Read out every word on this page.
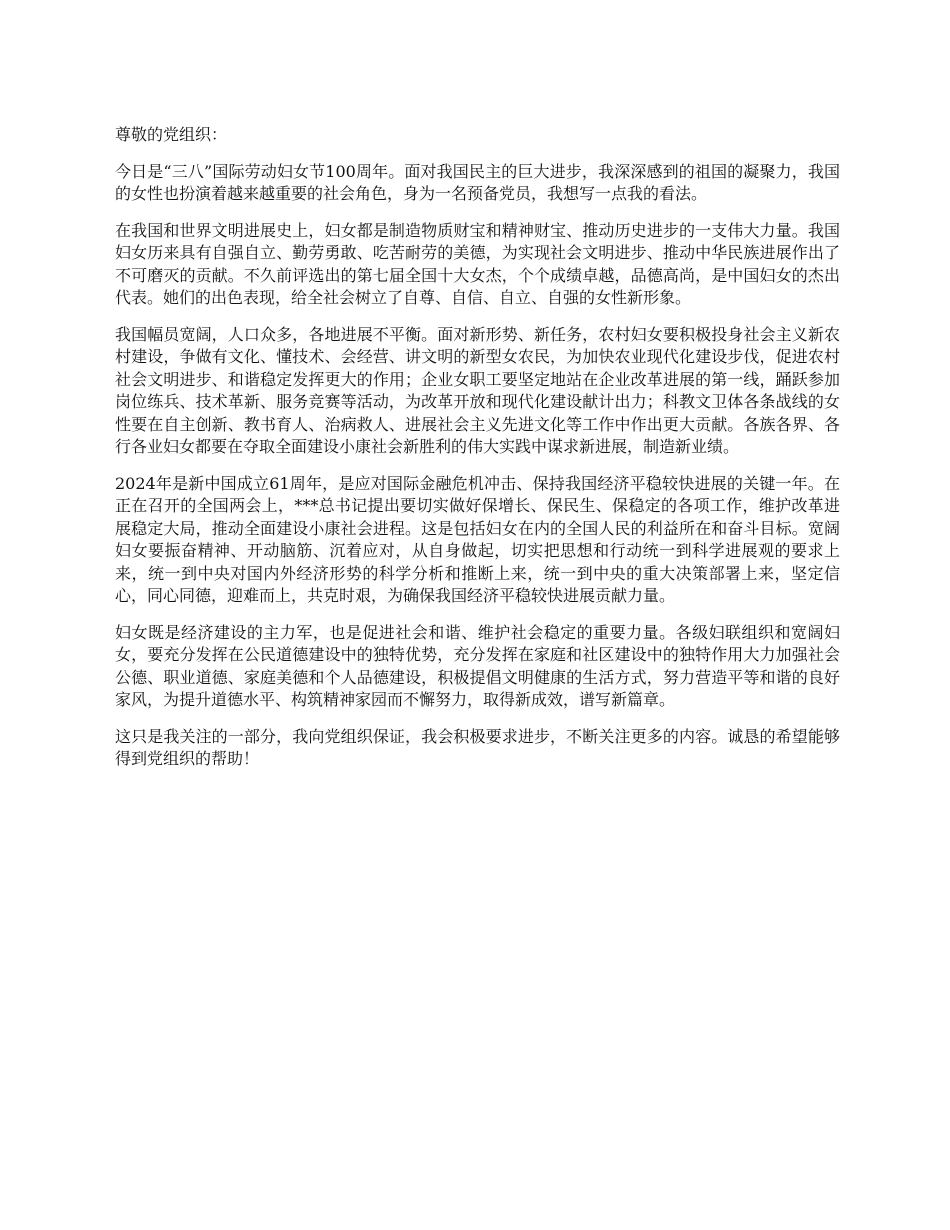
尊敬的党组织：

今日是“三八”国际劳动妇女节100周年。面对我国民主的巨大进步，我深深感到的祖国的凝聚力，我国的女性也扮演着越来越重要的社会角色，身为一名预备党员，我想写一点我的看法。

在我国和世界文明进展史上，妇女都是制造物质财宝和精神财宝、推动历史进步的一支伟大力量。我国妇女历来具有自强自立、勤劳勇敢、吃苦耐劳的美德，为实现社会文明进步、推动中华民族进展作出了不可磨灭的贡献。不久前评选出的第七届全国十大女杰，个个成绩卓越，品德高尚，是中国妇女的杰出代表。她们的出色表现，给全社会树立了自尊、自信、自立、自强的女性新形象。

我国幅员宽阔，人口众多，各地进展不平衡。面对新形势、新任务，农村妇女要积极投身社会主义新农村建设，争做有文化、懂技术、会经营、讲文明的新型女农民，为加快农业现代化建设步伐，促进农村社会文明进步、和谐稳定发挥更大的作用；企业女职工要坚定地站在企业改革进展的第一线，踊跃参加岗位练兵、技术革新、服务竞赛等活动，为改革开放和现代化建设献计出力；科教文卫体各条战线的女性要在自主创新、教书育人、治病救人、进展社会主义先进文化等工作中作出更大贡献。各族各界、各行各业妇女都要在夺取全面建设小康社会新胜利的伟大实践中谋求新进展，制造新业绩。

2024年是新中国成立61周年，是应对国际金融危机冲击、保持我国经济平稳较快进展的关键一年。在正在召开的全国两会上，***总书记提出要切实做好保增长、保民生、保稳定的各项工作，维护改革进展稳定大局，推动全面建设小康社会进程。这是包括妇女在内的全国人民的利益所在和奋斗目标。宽阔妇女要振奋精神、开动脑筋、沉着应对，从自身做起，切实把思想和行动统一到科学进展观的要求上来，统一到中央对国内外经济形势的科学分析和推断上来，统一到中央的重大决策部署上来，坚定信心，同心同德，迎难而上，共克时艰，为确保我国经济平稳较快进展贡献力量。

妇女既是经济建设的主力军，也是促进社会和谐、维护社会稳定的重要力量。各级妇联组织和宽阔妇女，要充分发挥在公民道德建设中的独特优势，充分发挥在家庭和社区建设中的独特作用大力加强社会公德、职业道德、家庭美德和个人品德建设，积极提倡文明健康的生活方式，努力营造平等和谐的良好家风，为提升道德水平、构筑精神家园而不懈努力，取得新成效，谱写新篇章。

这只是我关注的一部分，我向党组织保证，我会积极要求进步，不断关注更多的内容。诚恳的希望能够得到党组织的帮助！
